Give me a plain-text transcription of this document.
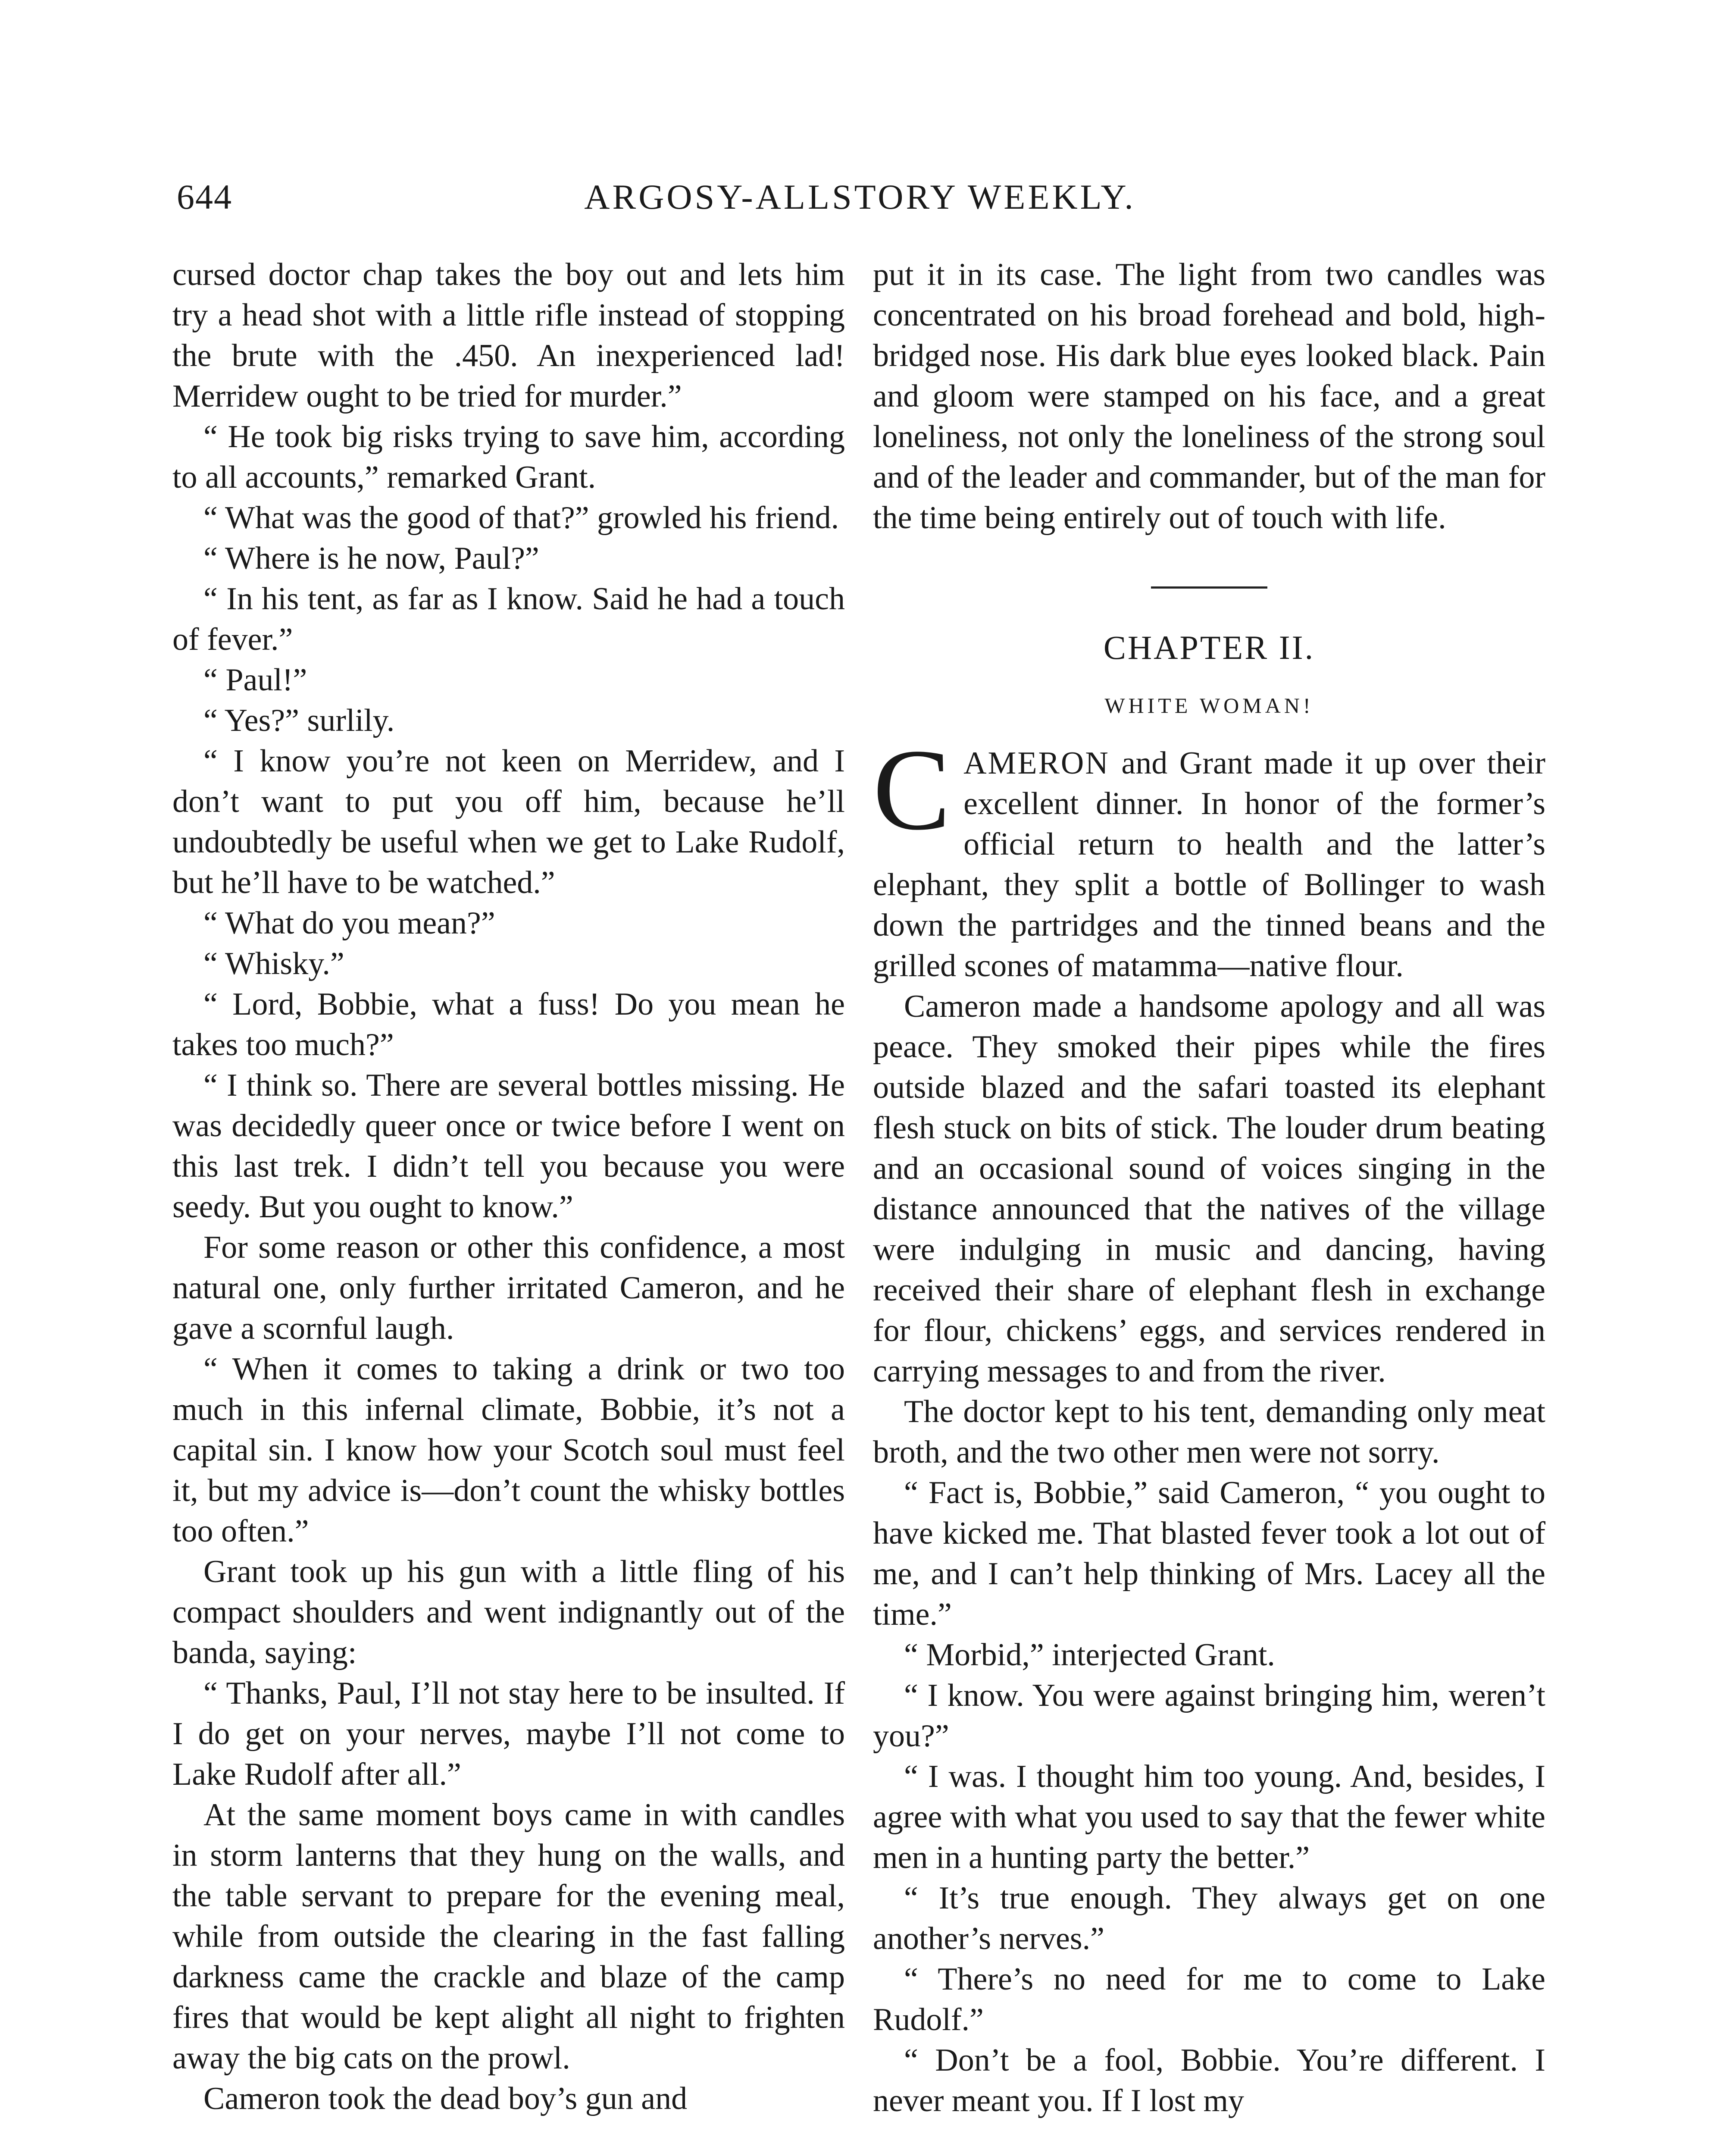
644	ARGOSY-ALLSTORY WEEKLY.

cursed doctor chap takes the boy out and lets him try a head shot with a little rifle instead of stopping the brute with the .450. An inexperienced lad! Merridew ought to be tried for murder.”

“ He took big risks trying to save him, according to all accounts,” remarked Grant.

“ What was the good of that?” growled his friend.

“ Where is he now, Paul?”

“ In his tent, as far as I know. Said he had a touch of fever.”

“ Paul!”

“ Yes?” surlily.

“ I know you’re not keen on Merridew, and I don’t want to put you off him, because he’ll undoubtedly be useful when we get to Lake Rudolf, but he’ll have to be watched.”

“ What do you mean?”

“ Whisky.”

“ Lord, Bobbie, what a fuss! Do you mean he takes too much?”

“ I think so. There are several bottles missing. He was decidedly queer once or twice before I went on this last trek. I didn’t tell you because you were seedy. But you ought to know.”

For some reason or other this confidence, a most natural one, only further irritated Cameron, and he gave a scornful laugh.

“ When it comes to taking a drink or two too much in this infernal climate, Bobbie, it’s not a capital sin. I know how your Scotch soul must feel it, but my advice is—don’t count the whisky bottles too often.”

Grant took up his gun with a little fling of his compact shoulders and went indignantly out of the banda, saying:

“ Thanks, Paul, I’ll not stay here to be insulted. If I do get on your nerves, maybe I’ll not come to Lake Rudolf after all.”

At the same moment boys came in with candles in storm lanterns that they hung on the walls, and the table servant to prepare for the evening meal, while from outside the clearing in the fast falling darkness came the crackle and blaze of the camp fires that would be kept alight all night to frighten away the big cats on the prowl.

Cameron took the dead boy’s gun and

put it in its case. The light from two candles was concentrated on his broad forehead and bold, high-bridged nose. His dark blue eyes looked black. Pain and gloom were stamped on his face, and a great loneliness, not only the loneliness of the strong soul and of the leader and commander, but of the man for the time being entirely out of touch with life.

CHAPTER II.
WHITE WOMAN!

CAMERON and Grant made it up over their excellent dinner. In honor of the former’s official return to health and the latter’s elephant, they split a bottle of Bollinger to wash down the partridges and the tinned beans and the grilled scones of matamma—native flour.

Cameron made a handsome apology and all was peace. They smoked their pipes while the fires outside blazed and the safari toasted its elephant flesh stuck on bits of stick. The louder drum beating and an occasional sound of voices singing in the distance announced that the natives of the village were indulging in music and dancing, having received their share of elephant flesh in exchange for flour, chickens’ eggs, and services rendered in carrying messages to and from the river.

The doctor kept to his tent, demanding only meat broth, and the two other men were not sorry.

“ Fact is, Bobbie,” said Cameron, “ you ought to have kicked me. That blasted fever took a lot out of me, and I can’t help thinking of Mrs. Lacey all the time.”

“ Morbid,” interjected Grant.

“ I know. You were against bringing him, weren’t you?”

“ I was. I thought him too young. And, besides, I agree with what you used to say that the fewer white men in a hunting party the better.”

“ It’s true enough. They always get on one another’s nerves.”

“ There’s no need for me to come to Lake Rudolf.”

“ Don’t be a fool, Bobbie. You’re different. I never meant you. If I lost my
